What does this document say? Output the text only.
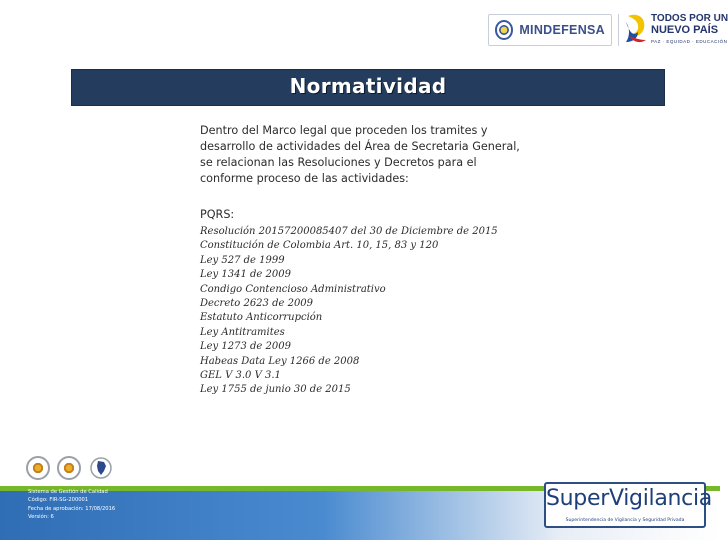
MINDEFENSA
TODOS POR UN
NUEVO PAÍS
PAZ · EQUIDAD · EDUCACIÓN
Normatividad

Dentro del Marco legal que proceden los tramites y desarrollo de actividades del Área de Secretaria General, se relacionan las Resoluciones y Decretos para el conforme proceso de las actividades:

PQRS:
Resolución 20157200085407 del 30 de Diciembre de 2015
Constitución de Colombia Art. 10, 15, 83 y 120
Ley 527 de 1999
Ley 1341 de 2009
Condigo Contencioso Administrativo
Decreto 2623 de 2009
Estatuto Anticorrupción
Ley Antitramites
Ley 1273 de 2009
Habeas Data Ley 1266 de 2008
GEL V 3.0 V 3.1
Ley 1755 de junio 30 de 2015
Sistema de Gestión de Calidad
Código: FIR-SG-200001
Fecha de aprobación: 17/08/2016
Versión: 6
SuperVigilancia
Superintendencia de Vigilancia y Seguridad Privada
